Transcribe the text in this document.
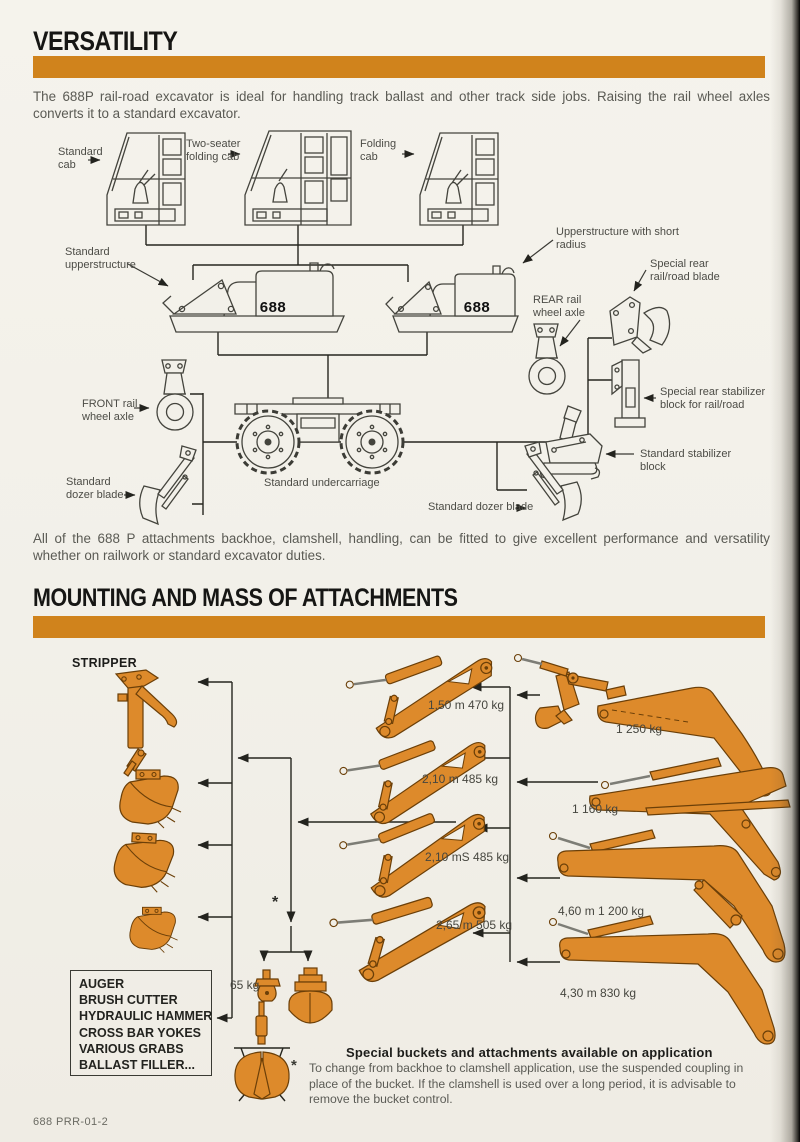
VERSATILITY

The 688P rail-road excavator is ideal for handling track ballast and other track side jobs. Raising the rail wheel axles converts it to a standard excavator.

688	688
Standard cab
Two-seater folding cab
Folding cab
Standard upperstructure
Upperstructure with short radius
REAR rail wheel axle
Special rear rail/road blade
Special rear stabilizer block for rail/road
Standard stabilizer block
Standard dozer blade
FRONT rail wheel axle
Standard dozer blade
Standard undercarriage

All of the 688 P attachments backhoe, clamshell, handling, can be fitted to give excellent performance and versatility whether on railwork or standard excavator duties.

MOUNTING AND MASS OF ATTACHMENTS
STRIPPER
1,50 m 470 kg
2,10 m 485 kg
2,10 mS 485 kg
2,65 m 505 kg
1 250 kg
1 160 kg
4,60 m 1 200 kg
4,30 m 830 kg
65 kg
*
AUGER
BRUSH CUTTER
HYDRAULIC HAMMER
CROSS BAR YOKES
VARIOUS GRABS
BALLAST FILLER...
Special buckets and attachments available on application
* To change from backhoe to clamshell application, use the suspended coupling in place of the bucket. If the clamshell is used over a long period, it is advisable to remove the bucket control.
688 PRR-01-2
